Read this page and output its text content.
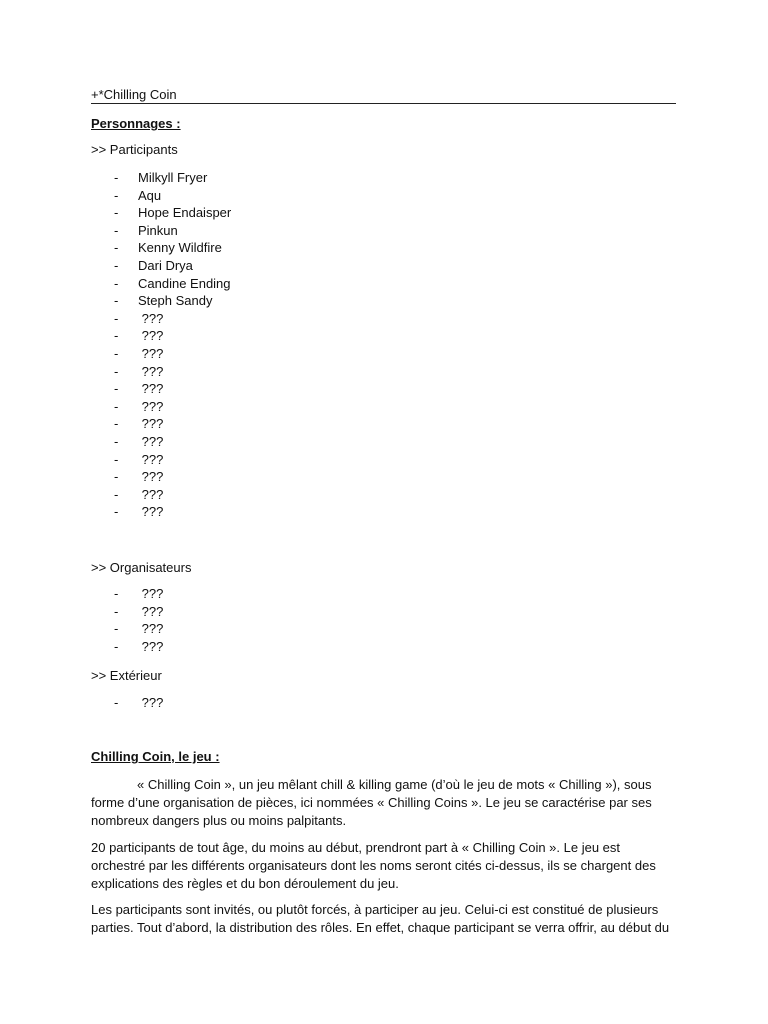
+*Chilling Coin
Personnages :
>> Participants
- Milkyll Fryer
- Aqu
- Hope Endaisper
- Pinkun
- Kenny Wildfire
- Dari Drya
- Candine Ending
- Steph Sandy
- ???
- ???
- ???
- ???
- ???
- ???
- ???
- ???
- ???
- ???
- ???
- ???
>> Organisateurs
- ???
- ???
- ???
- ???
>> Extérieur
- ???
Chilling Coin, le jeu :
« Chilling Coin », un jeu mêlant chill & killing game (d’où le jeu de mots « Chilling »), sous forme d’une organisation de pièces, ici nommées « Chilling Coins ». Le jeu se caractérise par ses nombreux dangers plus ou moins palpitants.
20 participants de tout âge, du moins au début, prendront part à « Chilling Coin ». Le jeu est orchestré par les différents organisateurs dont les noms seront cités ci-dessus, ils se chargent des explications des règles et du bon déroulement du jeu.
Les participants sont invités, ou plutôt forcés, à participer au jeu. Celui-ci est constitué de plusieurs parties. Tout d’abord, la distribution des rôles. En effet, chaque participant se verra offrir, au début du
